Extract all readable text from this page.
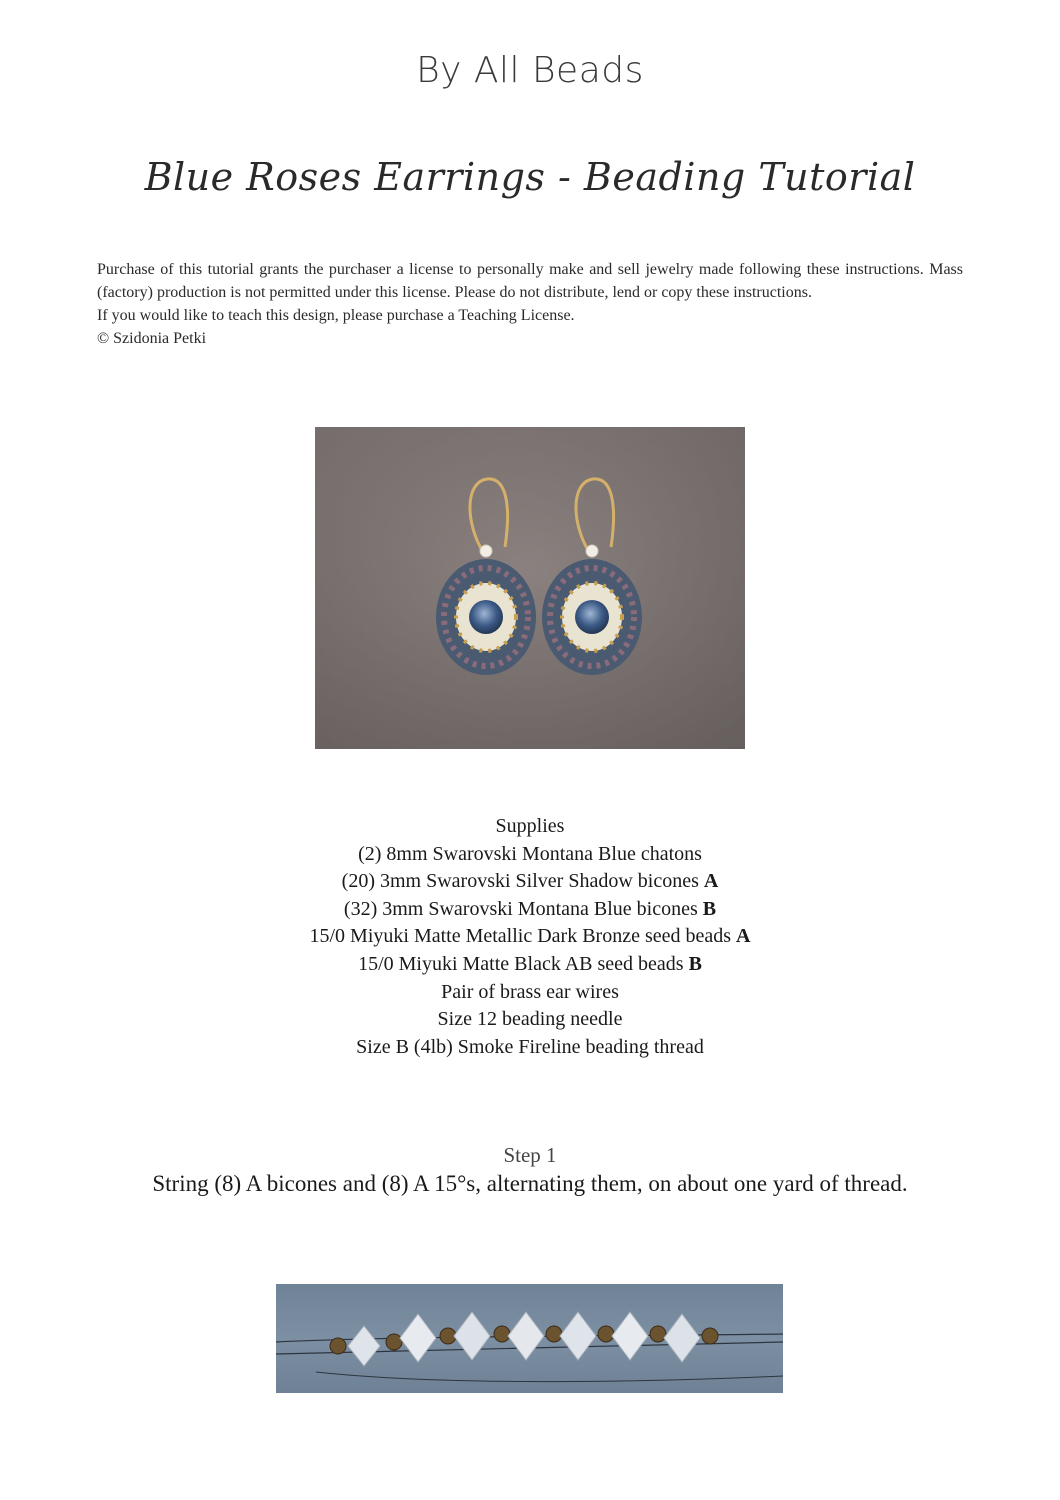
By All Beads
Blue Roses Earrings - Beading Tutorial

Purchase of this tutorial grants the purchaser a license to personally make and sell jewelry made following these instructions. Mass (factory) production is not permitted under this license. Please do not distribute, lend or copy these instructions.

If you would like to teach this design, please purchase a Teaching License.

© Szidonia Petki

Supplies
(2) 8mm Swarovski Montana Blue chatons
(20) 3mm Swarovski Silver Shadow bicones A
(32) 3mm Swarovski Montana Blue bicones B
15/0 Miyuki Matte Metallic Dark Bronze seed beads A
15/0 Miyuki Matte Black AB seed beads B
Pair of brass ear wires
Size 12 beading needle
Size B (4lb) Smoke Fireline beading thread
Step 1
String (8) A bicones and (8) A 15°s, alternating them, on about one yard of thread.
